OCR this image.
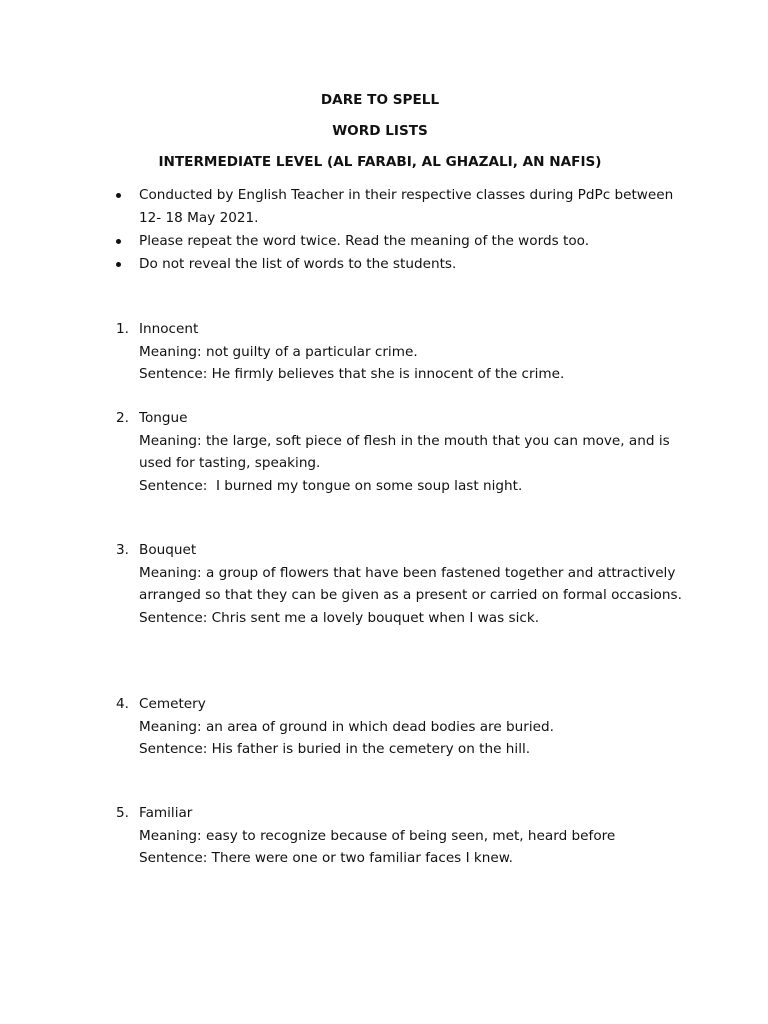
DARE TO SPELL

WORD LISTS

INTERMEDIATE LEVEL (AL FARABI, AL GHAZALI, AN NAFIS)

Conducted by English Teacher in their respective classes during PdPc between 12- 18 May 2021.
Please repeat the word twice. Read the meaning of the words too.
Do not reveal the list of words to the students.
1. Innocent
Meaning: not guilty of a particular crime.
Sentence: He firmly believes that she is innocent of the crime.
2. Tongue
Meaning: the large, soft piece of flesh in the mouth that you can move, and is used for tasting, speaking.
Sentence:  I burned my tongue on some soup last night.
3. Bouquet
Meaning: a group of flowers that have been fastened together and attractively arranged so that they can be given as a present or carried on formal occasions.
Sentence: Chris sent me a lovely bouquet when I was sick.
4. Cemetery
Meaning: an area of ground in which dead bodies are buried.
Sentence: His father is buried in the cemetery on the hill.
5. Familiar
Meaning: easy to recognize because of being seen, met, heard before
Sentence: There were one or two familiar faces I knew.
